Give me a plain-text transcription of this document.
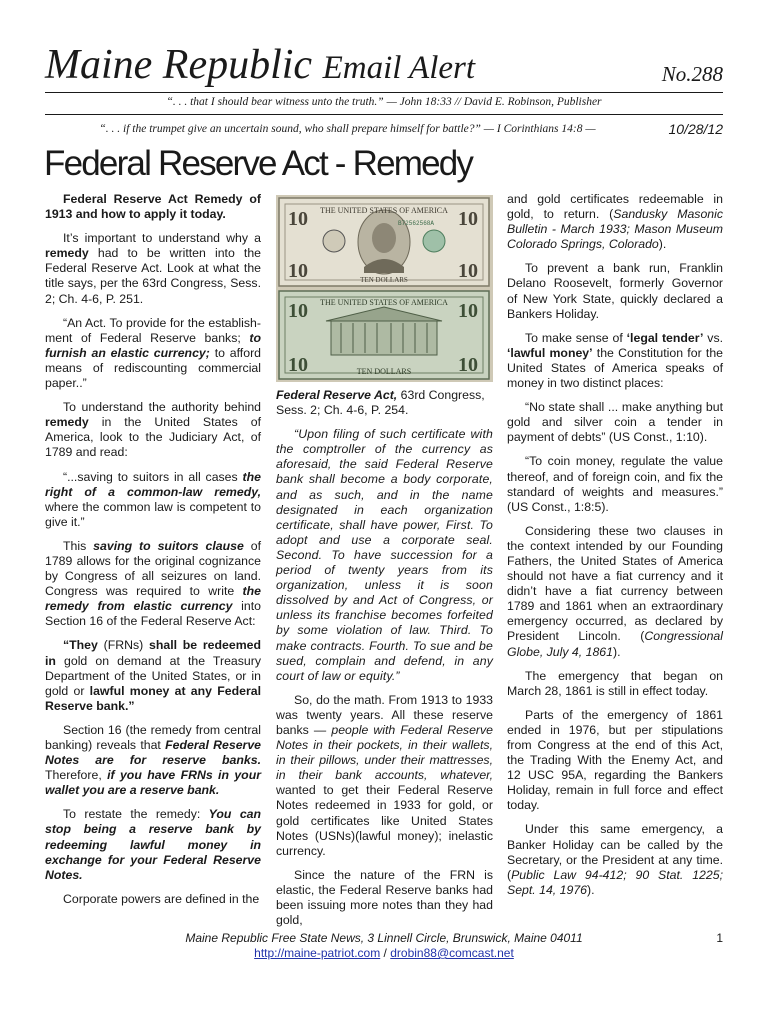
Maine Republic Email Alert	No.288
“. . . that I should bear witness unto the truth.” — John 18:33 // David E. Robinson, Publisher
“. . . if the trumpet give an uncertain sound, who shall prepare himself for battle?” — I Corinthians 14:8 —	10/28/12
Federal Reserve Act - Remedy

Federal Reserve Act Remedy of 1913 and how to apply it today.

It’s important to understand why a remedy had to be written into the Federal Reserve Act. Look at what the title says, per the 63rd Congress, Sess. 2; Ch. 4-6, P. 251.

“An Act. To provide for the establishment of Federal Reserve banks; to furnish an elastic currency; to afford means of rediscounting commercial paper..”

To understand the authority behind remedy in the United States of America, look to the Judiciary Act, of 1789 and read:

“...saving to suitors in all cases the right of a common-law remedy, where the common law is competent to give it.”

This saving to suitors clause of 1789 allows for the original cognizance by Congress of all seizures on land. Congress was required to write the remedy from elastic currency into Section 16 of the Federal Reserve Act:

“They (FRNs) shall be redeemed in gold on demand at the Treasury Department of the United States, or in gold or lawful money at any Federal Reserve bank.”

Section 16 (the remedy from central banking) reveals that Federal Reserve Notes are for reserve banks. Therefore, if you have FRNs in your wallet you are a reserve bank.

To restate the remedy: You can stop being a reserve bank by redeeming lawful money in exchange for your Federal Reserve Notes.

Corporate powers are defined in the

10	10
10	10
THE UNITED STATES OF AMERICA
B72562568A
TEN DOLLARS
10	10
10	10
THE UNITED STATES OF AMERICA
TEN DOLLARS

Federal Reserve Act, 63rd Congress, Sess. 2; Ch. 4-6, P. 254.

“Upon filing of such certificate with the comptroller of the currency as aforesaid, the said Federal Reserve bank shall become a body corporate, and as such, and in the name designated in each organization certificate, shall have power, First. To adopt and use a corporate seal. Second. To have succession for a period of twenty years from its organization, unless it is soon dissolved by and Act of Congress, or unless its franchise becomes forfeited by some violation of law. Third. To make contracts. Fourth. To sue and be sued, complain and defend, in any court of law or equity.”

So, do the math. From 1913 to 1933 was twenty years. All these reserve banks — people with Federal Reserve Notes in their pockets, in their wallets, in their pillows, under their mattresses, in their bank accounts, whatever, wanted to get their Federal Reserve Notes redeemed in 1933 for gold, or gold certificates like United States Notes (USNs)(lawful money); inelastic currency.

Since the nature of the FRN is elastic, the Federal Reserve banks had been issuing more notes than they had gold,

and gold certificates redeemable in gold, to return. (Sandusky Masonic Bulletin - March 1933; Mason Museum Colorado Springs, Colorado).

To prevent a bank run, Franklin Delano Roosevelt, formerly Governor of New York State, quickly declared a Bankers Holiday.

To make sense of ‘legal tender’ vs. ‘lawful money’ the Constitution for the United States of America speaks of money in two distinct places:

“No state shall ... make anything but gold and silver coin a tender in payment of debts” (US Const., 1:10).

“To coin money, regulate the value thereof, and of foreign coin, and fix the standard of weights and measures.” (US Const., 1:8:5).

Considering these two clauses in the context intended by our Founding Fathers, the United States of America should not have a fiat currency and it didn’t have a fiat currency between 1789 and 1861 when an extraordinary emergency occurred, as declared by President Lincoln. (Congressional Globe, July 4, 1861).

The emergency that began on March 28, 1861 is still in effect today.

Parts of the emergency of 1861 ended in 1976, but per stipulations from Congress at the end of this Act, the Trading With the Enemy Act, and 12 USC 95A, regarding the Bankers Holiday, remain in full force and effect today.

Under this same emergency, a Banker Holiday can be called by the Secretary, or the President at any time. (Public Law 94-412; 90 Stat. 1225; Sept. 14, 1976).

Maine Republic Free State News, 3 Linnell Circle, Brunswick, Maine 04011
http://maine-patriot.com / drobin88@comcast.net
1
